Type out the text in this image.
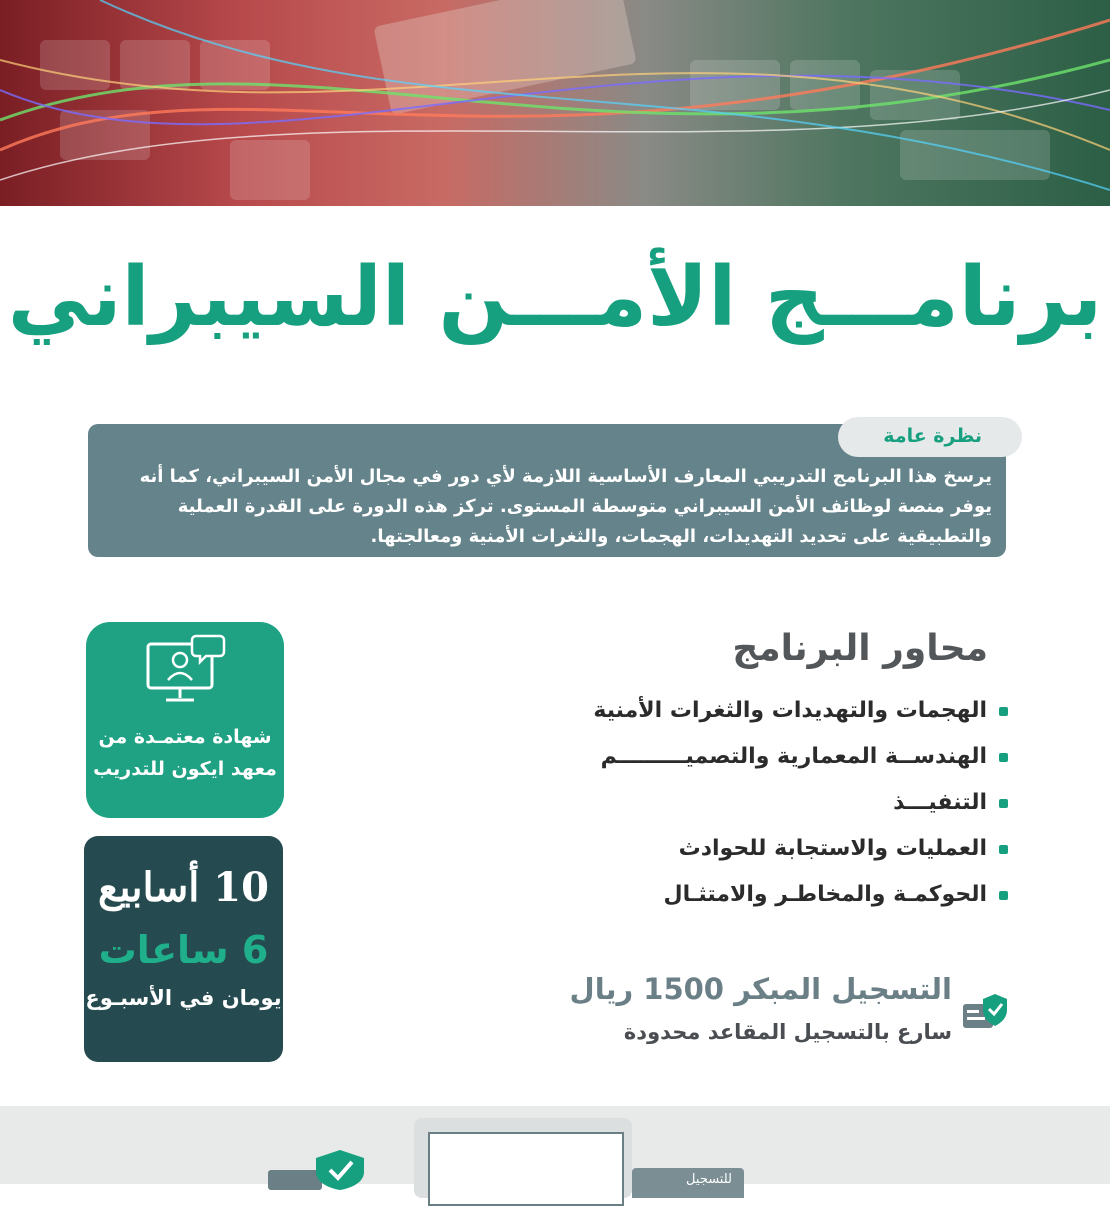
برنامـــج الأمـــن السيبراني
يرسخ هذا البرنامج التدريبي المعارف الأساسية اللازمة لأي دور في مجال الأمن السيبراني، كما أنه يوفر منصة لوظائف الأمن السيبراني متوسطة المستوى. تركز هذه الدورة على القدرة العملية والتطبيقية على تحديد التهديدات، الهجمات، والثغرات الأمنية ومعالجتها.
نظرة عامة
شهادة معتمـدة من
معهد ايكون للتدريب
10 أسابيع
6 ساعات
يومان في الأسبـوع
محاور البرنامج
الهجمات والتهديدات والثغرات الأمنية
الهندســة المعمارية والتصميـــــــــم
التنفيـــذ
العمليات والاستجابة للحوادث
الحوكمـة والمخاطـر والامتثـال
التسجيل المبكر 1500 ريال
سارع بالتسجيل المقاعد محدودة
للتسجيل
